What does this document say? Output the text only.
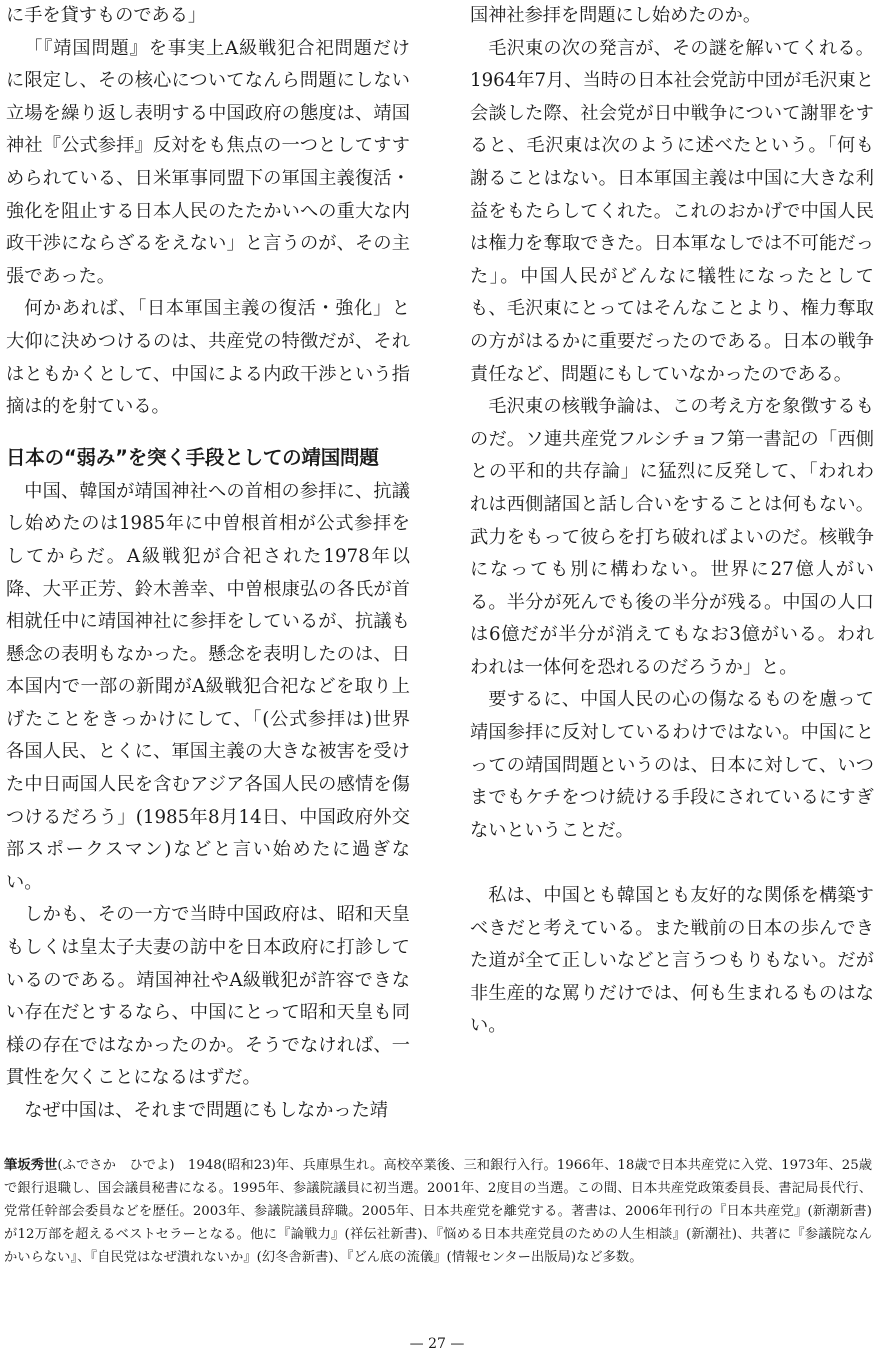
に手を貸すものである」

「『靖国問題』を事実上A級戦犯合祀問題だけに限定し、その核心についてなんら問題にしない立場を繰り返し表明する中国政府の態度は、靖国神社『公式参拝』反対をも焦点の一つとしてすすめられている、日米軍事同盟下の軍国主義復活・強化を阻止する日本人民のたたかいへの重大な内政干渉にならざるをえない」と言うのが、その主張であった。

何かあれば、「日本軍国主義の復活・強化」と大仰に決めつけるのは、共産党の特徴だが、それはともかくとして、中国による内政干渉という指摘は的を射ている。

日本の“弱み”を突く手段としての靖国問題

中国、韓国が靖国神社への首相の参拝に、抗議し始めたのは1985年に中曽根首相が公式参拝をしてからだ。A級戦犯が合祀された1978年以降、大平正芳、鈴木善幸、中曽根康弘の各氏が首相就任中に靖国神社に参拝をしているが、抗議も懸念の表明もなかった。懸念を表明したのは、日本国内で一部の新聞がA級戦犯合祀などを取り上げたことをきっかけにして、「(公式参拝は)世界各国人民、とくに、軍国主義の大きな被害を受けた中日両国人民を含むアジア各国人民の感情を傷つけるだろう」(1985年8月14日、中国政府外交部スポークスマン)などと言い始めたに過ぎない。

しかも、その一方で当時中国政府は、昭和天皇もしくは皇太子夫妻の訪中を日本政府に打診しているのである。靖国神社やA級戦犯が許容できない存在だとするなら、中国にとって昭和天皇も同様の存在ではなかったのか。そうでなければ、一貫性を欠くことになるはずだ。

なぜ中国は、それまで問題にもしなかった靖

国神社参拝を問題にし始めたのか。

毛沢東の次の発言が、その謎を解いてくれる。1964年7月、当時の日本社会党訪中団が毛沢東と会談した際、社会党が日中戦争について謝罪をすると、毛沢東は次のように述べたという。「何も謝ることはない。日本軍国主義は中国に大きな利益をもたらしてくれた。これのおかげで中国人民は権力を奪取できた。日本軍なしでは不可能だった」。中国人民がどんなに犠牲になったとしても、毛沢東にとってはそんなことより、権力奪取の方がはるかに重要だったのである。日本の戦争責任など、問題にもしていなかったのである。

毛沢東の核戦争論は、この考え方を象徴するものだ。ソ連共産党フルシチョフ第一書記の「西側との平和的共存論」に猛烈に反発して、「われわれは西側諸国と話し合いをすることは何もない。武力をもって彼らを打ち破ればよいのだ。核戦争になっても別に構わない。世界に27億人がいる。半分が死んでも後の半分が残る。中国の人口は6億だが半分が消えてもなお3億がいる。われわれは一体何を恐れるのだろうか」と。

要するに、中国人民の心の傷なるものを慮って靖国参拝に反対しているわけではない。中国にとっての靖国問題というのは、日本に対して、いつまでもケチをつけ続ける手段にされているにすぎないということだ。

私は、中国とも韓国とも友好的な関係を構築すべきだと考えている。また戦前の日本の歩んできた道が全て正しいなどと言うつもりもない。だが非生産的な罵りだけでは、何も生まれるものはない。

筆坂秀世(ふでさか　ひでよ)　1948(昭和23)年、兵庫県生れ。高校卒業後、三和銀行入行。1966年、18歳で日本共産党に入党、1973年、25歳で銀行退職し、国会議員秘書になる。1995年、参議院議員に初当選。2001年、2度目の当選。この間、日本共産党政策委員長、書記局長代行、党常任幹部会委員などを歴任。2003年、参議院議員辞職。2005年、日本共産党を離党する。著書は、2006年刊行の『日本共産党』(新潮新書)が12万部を超えるベストセラーとなる。他に『論戦力』(祥伝社新書)、『悩める日本共産党員のための人生相談』(新潮社)、共著に『参議院なんかいらない』、『自民党はなぜ潰れないか』(幻冬舎新書)、『どん底の流儀』(情報センター出版局)など多数。

— 27 —
